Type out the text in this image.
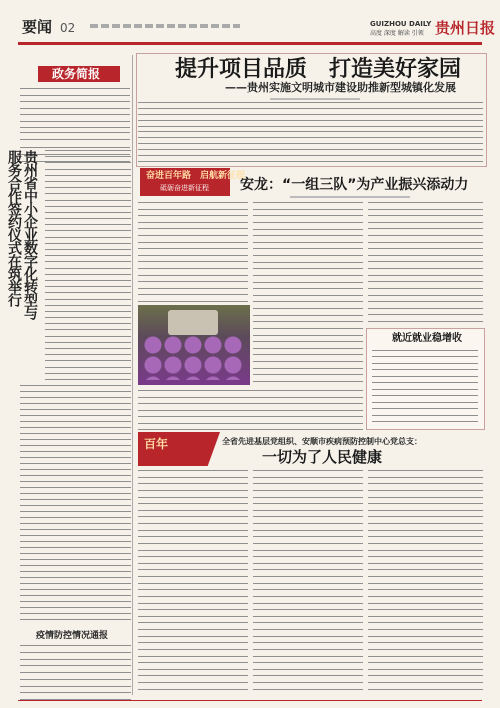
要闻 02	GUIZHOU DAILY
高度 深度 解读 引领 贵州日报
政务简报
贵州省中小企业数字化转型与服务合作签约仪式在筑举行
疫情防控情况通报
提升项目品质　打造美好家园
——贵州实施文明城市建设助推新型城镇化发展
奋进百年路　启航新征程
砥砺奋进新征程 安龙：“一组三队”为产业振兴添动力
就近就业稳增收
百年	全省先进基层党组织、安顺市疾病预防控制中心党总支：
一切为了人民健康
